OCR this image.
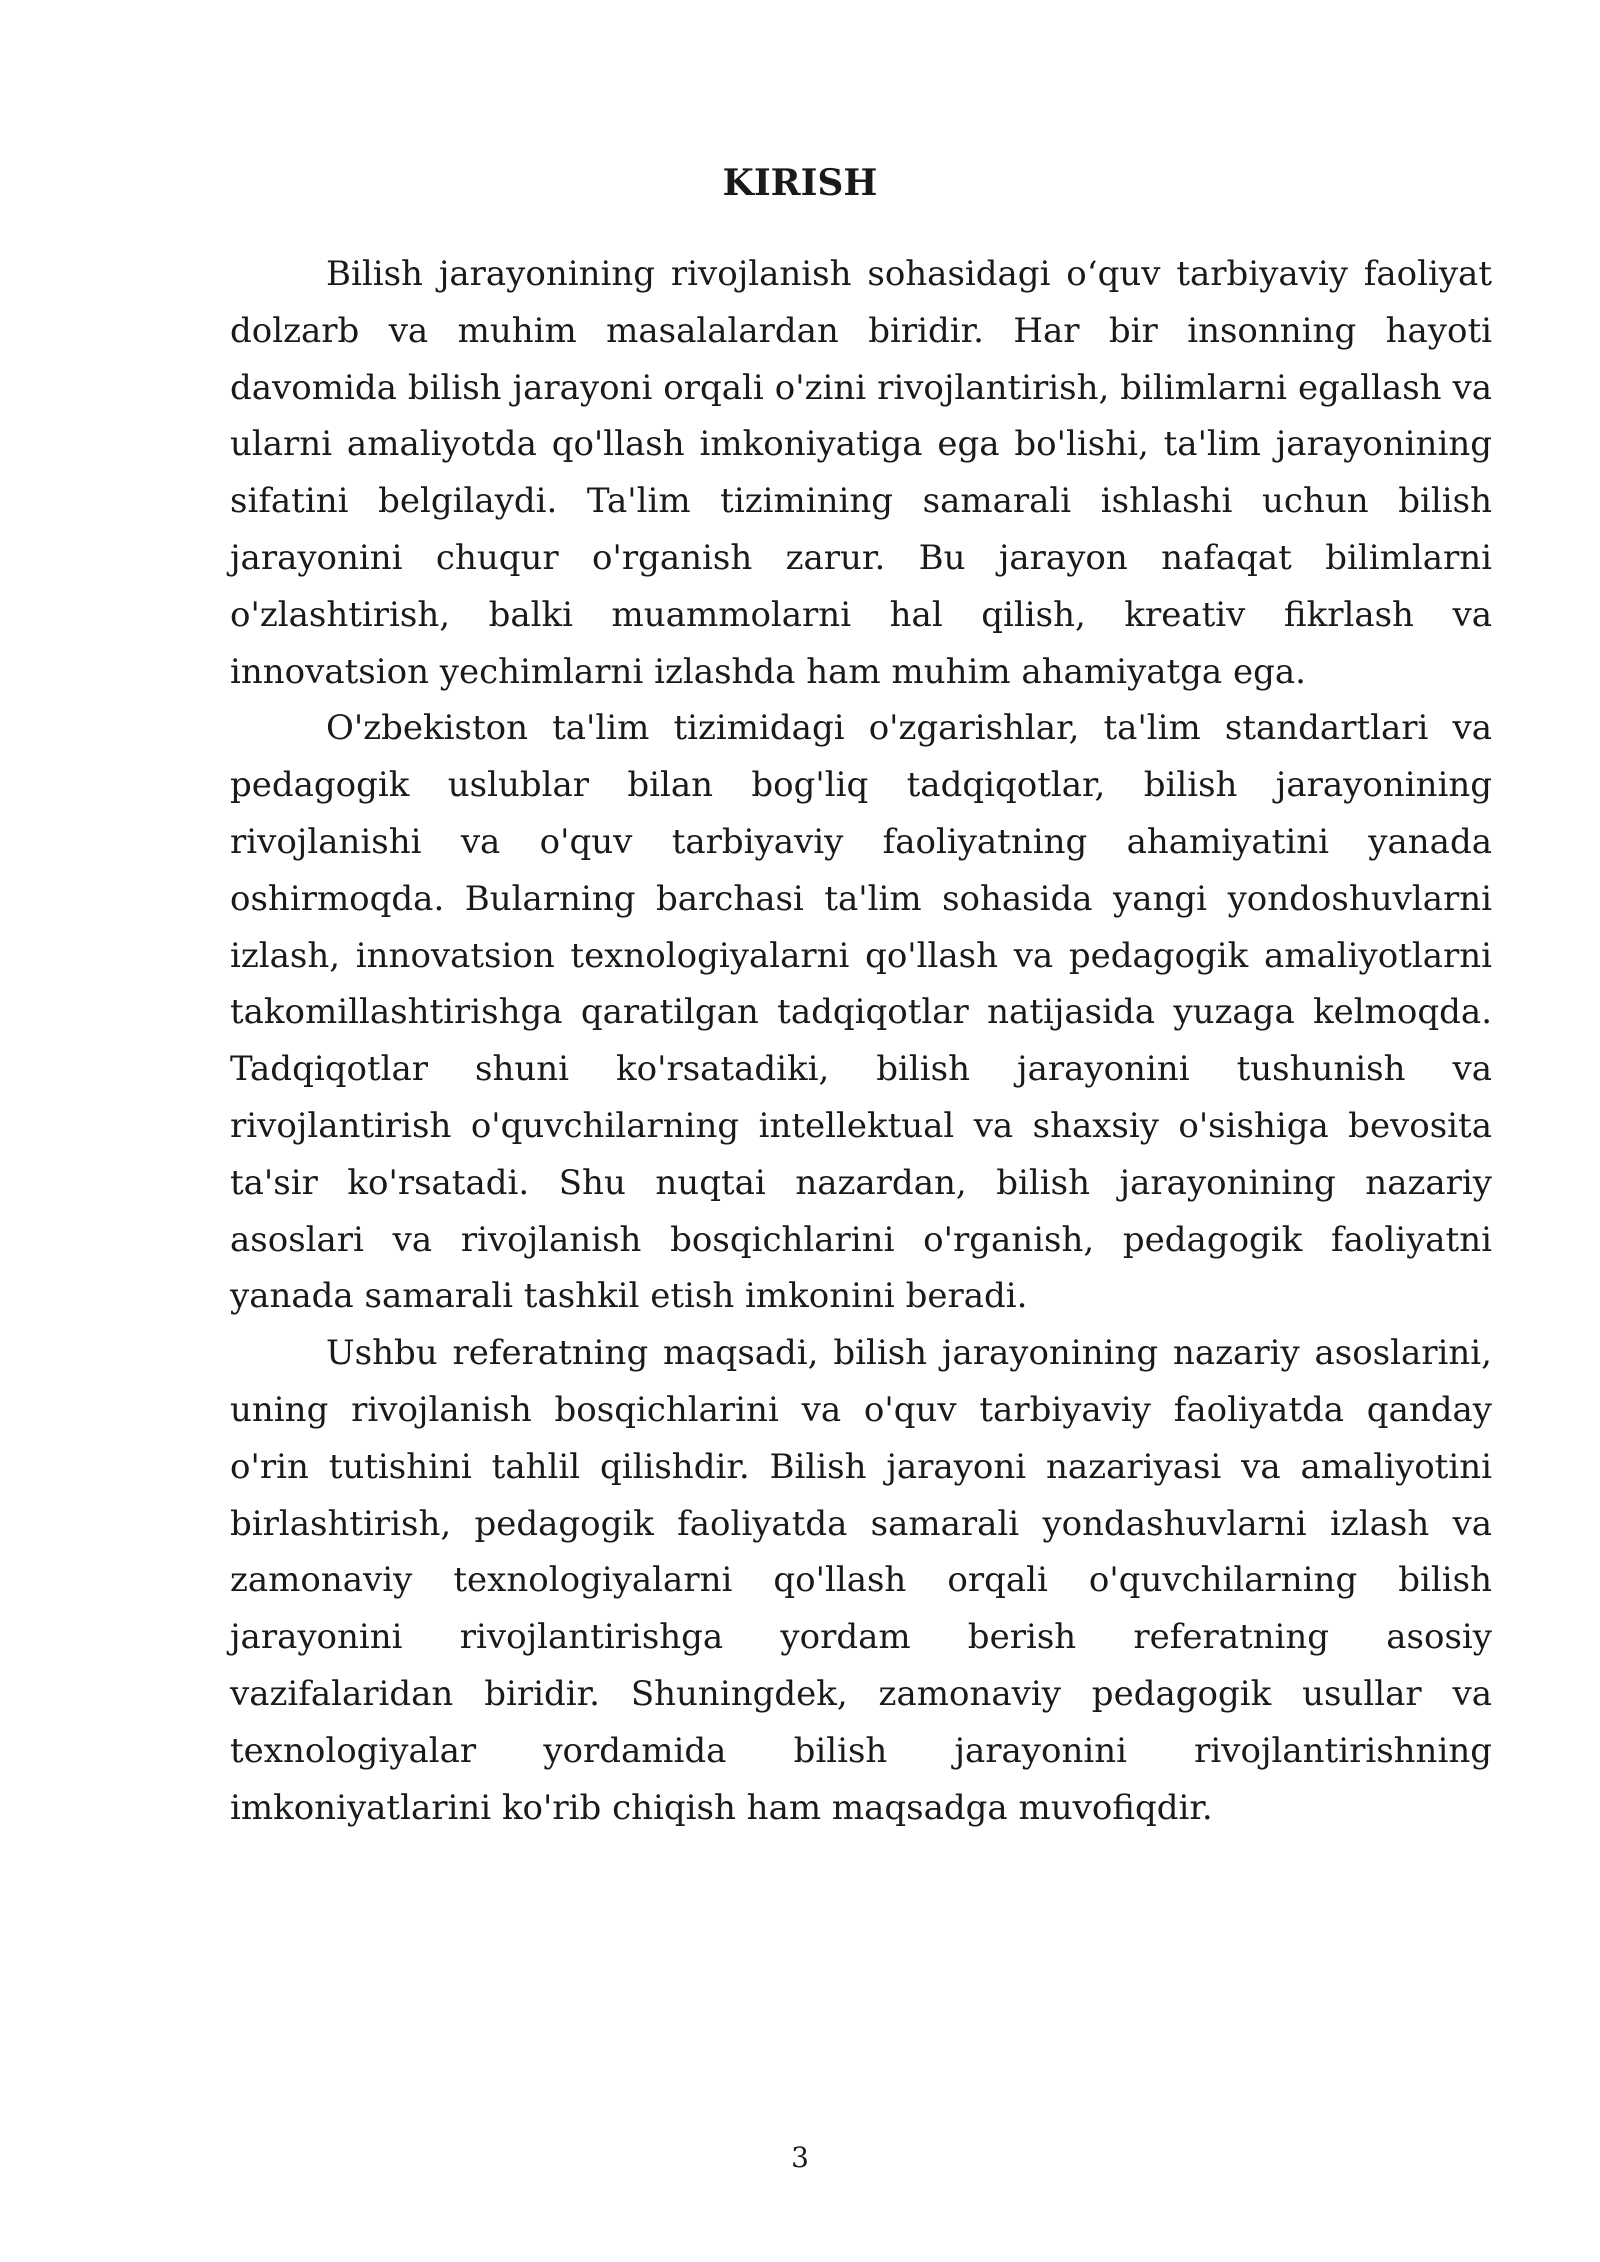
KIRISH

Bilish jarayonining rivojlanish sohasidagi o‘quv tarbiyaviy faoliyat dolzarb va muhim masalalardan biridir. Har bir insonning hayoti davomida bilish jarayoni orqali o'zini rivojlantirish, bilimlarni egallash va ularni amaliyotda qo'llash imkoniyatiga ega bo'lishi, ta'lim jarayonining sifatini belgilaydi. Ta'lim tizimining samarali ishlashi uchun bilish jarayonini chuqur o'rganish zarur. Bu jarayon nafaqat bilimlarni o'zlashtirish, balki muammolarni hal qilish, kreativ fikrlash va innovatsion yechimlarni izlashda ham muhim ahamiyatga ega.

O'zbekiston ta'lim tizimidagi o'zgarishlar, ta'lim standartlari va pedagogik uslublar bilan bog'liq tadqiqotlar, bilish jarayonining rivojlanishi va o'quv tarbiyaviy faoliyatning ahamiyatini yanada oshirmoqda. Bularning barchasi ta'lim sohasida yangi yondoshuvlarni izlash, innovatsion texnologiyalarni qo'llash va pedagogik amaliyotlarni takomillashtirishga qaratilgan tadqiqotlar natijasida yuzaga kelmoqda. Tadqiqotlar shuni ko'rsatadiki, bilish jarayonini tushunish va rivojlantirish o'quvchilarning intellektual va shaxsiy o'sishiga bevosita ta'sir ko'rsatadi. Shu nuqtai nazardan, bilish jarayonining nazariy asoslari va rivojlanish bosqichlarini o'rganish, pedagogik faoliyatni yanada samarali tashkil etish imkonini beradi.

Ushbu referatning maqsadi, bilish jarayonining nazariy asoslarini, uning rivojlanish bosqichlarini va o'quv tarbiyaviy faoliyatda qanday o'rin tutishini tahlil qilishdir. Bilish jarayoni nazariyasi va amaliyotini birlashtirish, pedagogik faoliyatda samarali yondashuvlarni izlash va zamonaviy texnologiyalarni qo'llash orqali o'quvchilarning bilish jarayonini rivojlantirishga yordam berish referatning asosiy vazifalaridan biridir. Shuningdek, zamonaviy pedagogik usullar va texnologiyalar yordamida bilish jarayonini rivojlantirishning imkoniyatlarini ko'rib chiqish ham maqsadga muvofiqdir.

3
